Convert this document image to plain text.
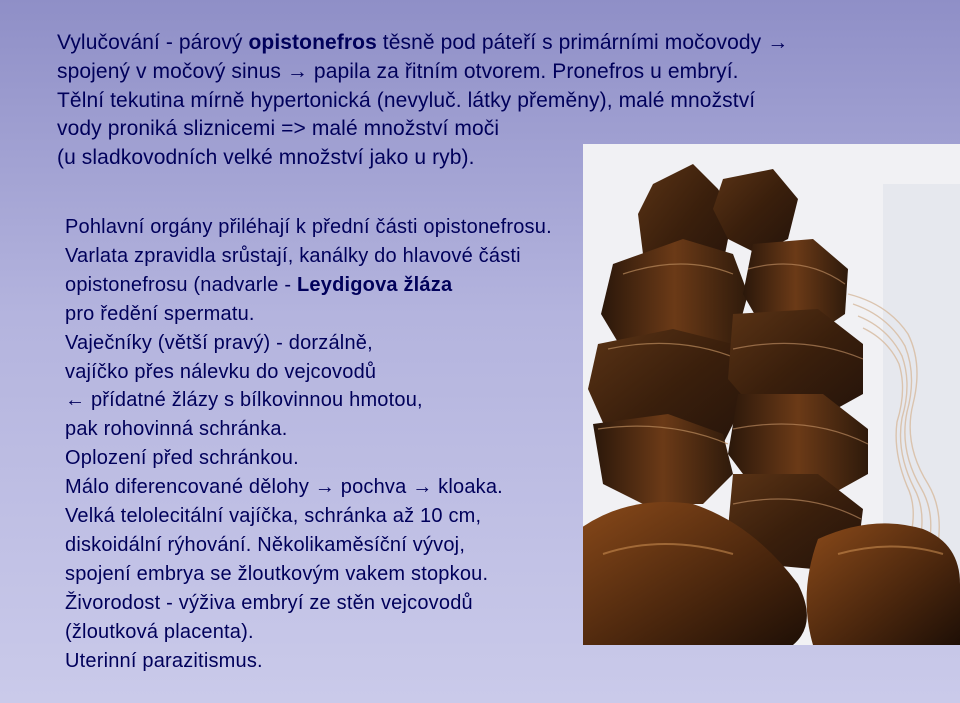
Vylučování - párový opistonefros těsně pod páteří s primárními močovody →
spojený v močový sinus → papila za řitním otvorem. Pronefros u embryí.
Tělní tekutina mírně hypertonická (nevyluč. látky přeměny), malé množství
vody proniká sliznicemi => malé množství moči
(u sladkovodních velké množství jako u ryb).
Pohlavní orgány přiléhají k přední části opistonefrosu.
Varlata zpravidla srůstají, kanálky do hlavové části
opistonefrosu (nadvarle - Leydigova žláza
pro ředění spermatu.
Vaječníky (větší pravý) - dorzálně,
vajíčko přes nálevku do vejcovodů
← přídatné žlázy s bílkovinnou hmotou,
pak rohovinná schránka.
Oplození před schránkou.
Málo diferencované dělohy → pochva → kloaka.
Velká telolecitální vajíčka, schránka až 10 cm,
diskoidální rýhování. Několikaměsíční vývoj,
spojení embrya se žloutkovým vakem stopkou.
Živorodost - výživa embryí ze stěn vejcovodů
(žloutková placenta).
Uterinní parazitismus.
